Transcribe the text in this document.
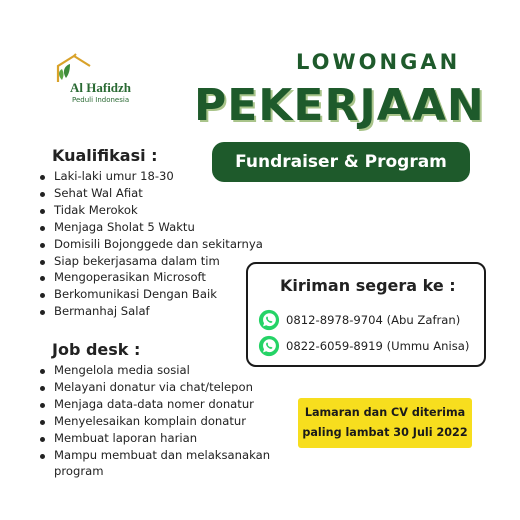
Al Hafidzh
Peduli Indonesia
LOWONGAN
PEKERJAAN
Fundraiser & Program
Kualifikasi :
Laki-laki umur 18-30
Sehat Wal Afiat
Tidak Merokok
Menjaga Sholat 5 Waktu
Domisili Bojonggede dan sekitarnya
Siap bekerjasama dalam tim
Mengoperasikan Microsoft
Berkomunikasi Dengan Baik
Bermanhaj Salaf
Job desk :
Mengelola media sosial
Melayani donatur via chat/telepon
Menjaga data-data nomer donatur
Menyelesaikan komplain donatur
Membuat laporan harian
Mampu membuat dan melaksanakan program
Kiriman segera ke :
0812-8978-9704 (Abu Zafran)
0822-6059-8919 (Ummu Anisa)
Lamaran dan CV diterima
paling lambat 30 Juli 2022
